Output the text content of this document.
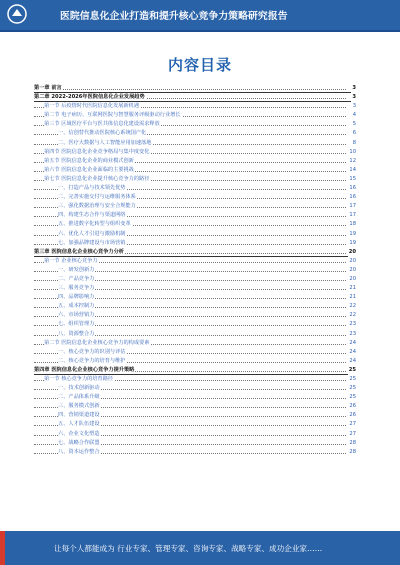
医院信息化企业打造和提升核心竞争力策略研究报告
内容目录
第一章 前言	3
第二章 2022-2026年医院信息化企业发展趋势	3
第一节 后疫情时代医院信息化发展新机遇	3
第二节 电子病历、互联网医院与智慧服务评级驱动行业增长	4
第三节 区域医疗平台与医共体信息化建设需求释放	5
一、信创替代推动医院核心系统国产化	6
二、医疗大数据与人工智能应用加速落地	8
第四节 医院信息化企业竞争格局与集中度变化	10
第五节 医院信息化企业的商业模式创新	12
第六节 医院信息化企业面临的主要挑战	14
第七节 医院信息化企业提升核心竞争力的路径	15
一、打造产品与技术领先优势	16
二、完善实施交付与运维服务体系	16
三、强化数据治理与安全合规能力	17
四、构建生态合作与渠道网络	17
五、推进数字化转型与组织变革	18
六、优化人才引进与激励机制	19
七、加强品牌建设与市场营销	19
第三章 医院信息化企业核心竞争力分析	20
第一节 企业核心竞争力	20
一、研发创新力	20
二、产品竞争力	20
三、服务竞争力	21
四、品牌影响力	21
五、成本控制力	22
六、市场营销力	22
七、组织管理力	23
八、资源整合力	23
第二节 医院信息化企业核心竞争力的构成要素	24
一、核心竞争力的识别与评估	24
二、核心竞争力的培育与维护	24
第四章 医院信息化企业核心竞争力提升策略	25
第一节 核心竞争力的培育路径	25
一、技术创新驱动	25
二、产品体系升级	25
三、服务模式创新	26
四、营销渠道建设	26
五、人才队伍建设	27
六、企业文化塑造	27
七、战略合作联盟	28
八、资本运作整合	28
让每个人都能成为 行业专家、管理专家、咨询专家、战略专家、成功企业家……
